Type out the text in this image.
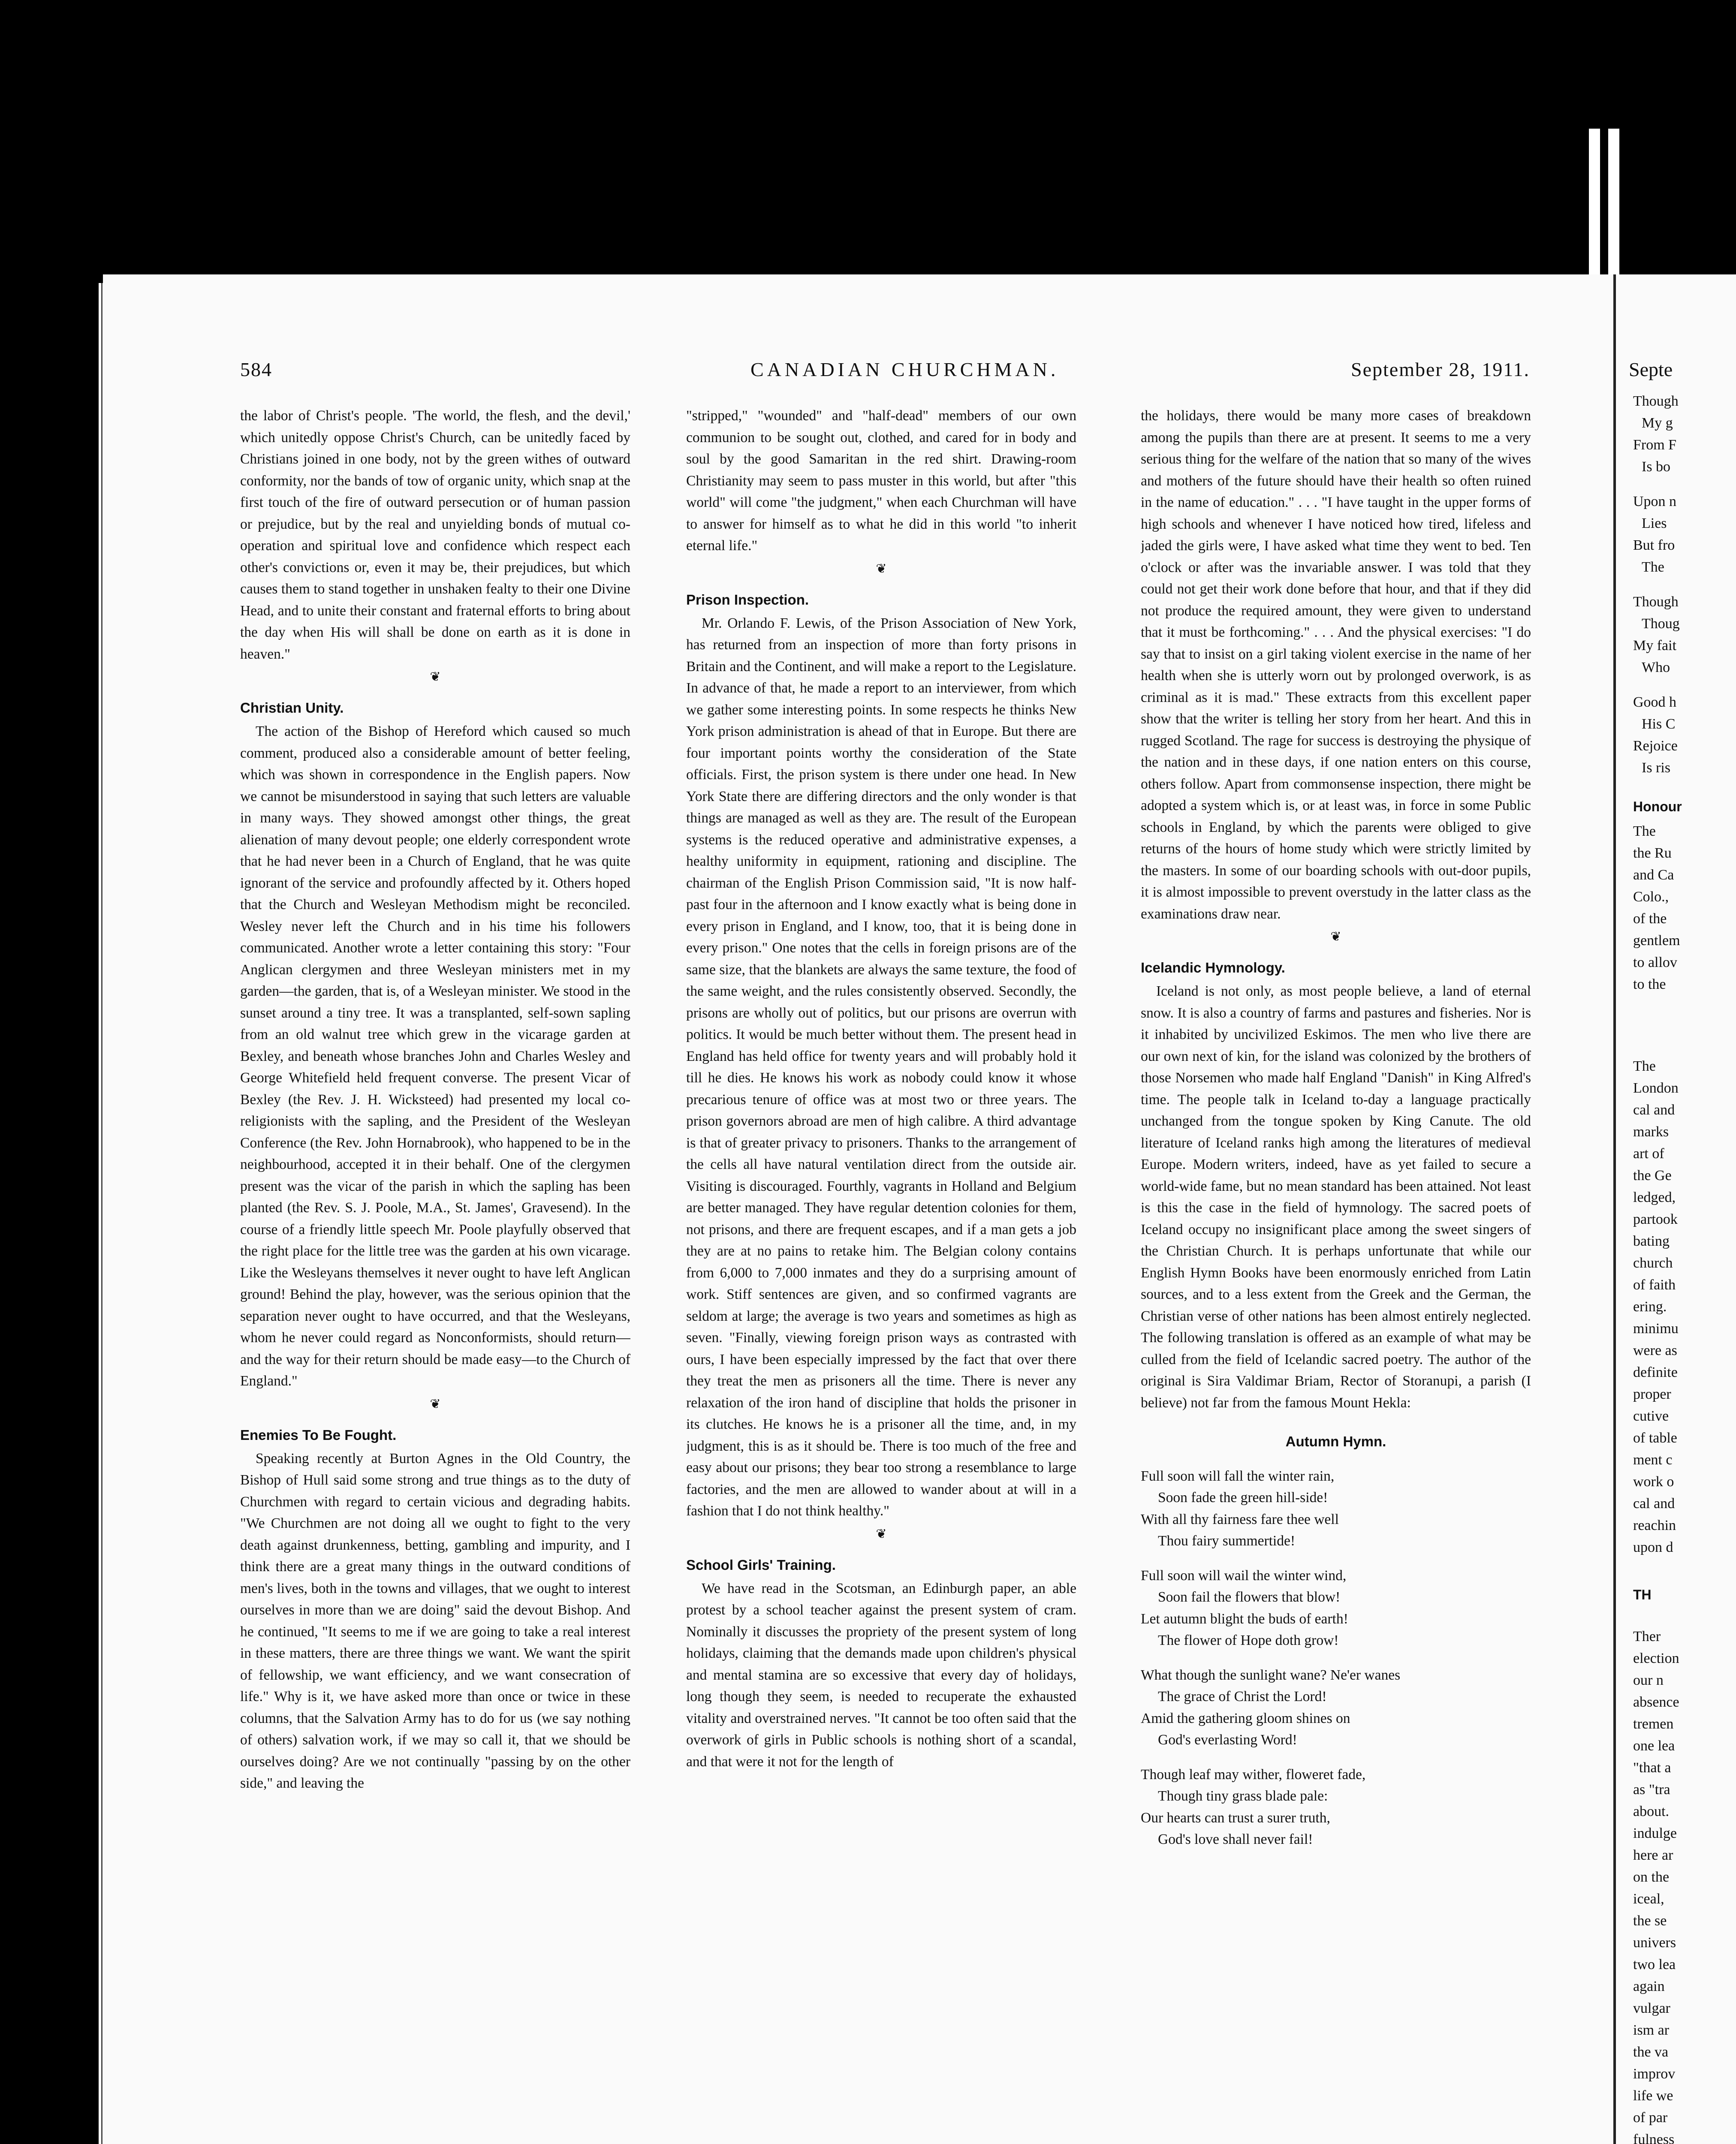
584	CANADIAN CHURCHMAN.	September 28, 1911.

the labor of Christ's people. 'The world, the flesh, and the devil,' which unitedly oppose Christ's Church, can be unitedly faced by Christians joined in one body, not by the green withes of outward conformity, nor the bands of tow of organic unity, which snap at the first touch of the fire of outward persecution or of human passion or prejudice, but by the real and unyielding bonds of mutual co-operation and spiritual love and confidence which respect each other's convictions or, even it may be, their prejudices, but which causes them to stand together in unshaken fealty to their one Divine Head, and to unite their constant and fraternal efforts to bring about the day when His will shall be done on earth as it is done in heaven."

❦
Christian Unity.

The action of the Bishop of Hereford which caused so much comment, produced also a considerable amount of better feeling, which was shown in correspondence in the English papers. Now we cannot be misunderstood in saying that such letters are valuable in many ways. They showed amongst other things, the great alienation of many devout people; one elderly correspondent wrote that he had never been in a Church of England, that he was quite ignorant of the service and profoundly affected by it. Others hoped that the Church and Wesleyan Methodism might be reconciled. Wesley never left the Church and in his time his followers communicated. Another wrote a letter containing this story: "Four Anglican clergymen and three Wesleyan ministers met in my garden—the garden, that is, of a Wesleyan minister. We stood in the sunset around a tiny tree. It was a transplanted, self-sown sapling from an old walnut tree which grew in the vicarage garden at Bexley, and beneath whose branches John and Charles Wesley and George Whitefield held frequent converse. The present Vicar of Bexley (the Rev. J. H. Wicksteed) had presented my local co-religionists with the sapling, and the President of the Wesleyan Conference (the Rev. John Hornabrook), who happened to be in the neighbourhood, accepted it in their behalf. One of the clergymen present was the vicar of the parish in which the sapling has been planted (the Rev. S. J. Poole, M.A., St. James', Gravesend). In the course of a friendly little speech Mr. Poole playfully observed that the right place for the little tree was the garden at his own vicarage. Like the Wesleyans themselves it never ought to have left Anglican ground! Behind the play, however, was the serious opinion that the separation never ought to have occurred, and that the Wesleyans, whom he never could regard as Nonconformists, should return—and the way for their return should be made easy—to the Church of England."

❦
Enemies To Be Fought.

Speaking recently at Burton Agnes in the Old Country, the Bishop of Hull said some strong and true things as to the duty of Churchmen with regard to certain vicious and degrading habits. "We Churchmen are not doing all we ought to fight to the very death against drunkenness, betting, gambling and impurity, and I think there are a great many things in the outward conditions of men's lives, both in the towns and villages, that we ought to interest ourselves in more than we are doing" said the devout Bishop. And he continued, "It seems to me if we are going to take a real interest in these matters, there are three things we want. We want the spirit of fellowship, we want efficiency, and we want consecration of life." Why is it, we have asked more than once or twice in these columns, that the Salvation Army has to do for us (we say nothing of others) salvation work, if we may so call it, that we should be ourselves doing? Are we not continually "passing by on the other side," and leaving the

"stripped," "wounded" and "half-dead" members of our own communion to be sought out, clothed, and cared for in body and soul by the good Samaritan in the red shirt. Drawing-room Christianity may seem to pass muster in this world, but after "this world" will come "the judgment," when each Churchman will have to answer for himself as to what he did in this world "to inherit eternal life."

❦
Prison Inspection.

Mr. Orlando F. Lewis, of the Prison Association of New York, has returned from an inspection of more than forty prisons in Britain and the Continent, and will make a report to the Legislature. In advance of that, he made a report to an interviewer, from which we gather some interesting points. In some respects he thinks New York prison administration is ahead of that in Europe. But there are four important points worthy the consideration of the State officials. First, the prison system is there under one head. In New York State there are differing directors and the only wonder is that things are managed as well as they are. The result of the European systems is the reduced operative and administrative expenses, a healthy uniformity in equipment, rationing and discipline. The chairman of the English Prison Commission said, "It is now half-past four in the afternoon and I know exactly what is being done in every prison in England, and I know, too, that it is being done in every prison." One notes that the cells in foreign prisons are of the same size, that the blankets are always the same texture, the food of the same weight, and the rules consistently observed. Secondly, the prisons are wholly out of politics, but our prisons are overrun with politics. It would be much better without them. The present head in England has held office for twenty years and will probably hold it till he dies. He knows his work as nobody could know it whose precarious tenure of office was at most two or three years. The prison governors abroad are men of high calibre. A third advantage is that of greater privacy to prisoners. Thanks to the arrangement of the cells all have natural ventilation direct from the outside air. Visiting is discouraged. Fourthly, vagrants in Holland and Belgium are better managed. They have regular detention colonies for them, not prisons, and there are frequent escapes, and if a man gets a job they are at no pains to retake him. The Belgian colony contains from 6,000 to 7,000 inmates and they do a surprising amount of work. Stiff sentences are given, and so confirmed vagrants are seldom at large; the average is two years and sometimes as high as seven. "Finally, viewing foreign prison ways as contrasted with ours, I have been especially impressed by the fact that over there they treat the men as prisoners all the time. There is never any relaxation of the iron hand of discipline that holds the prisoner in its clutches. He knows he is a prisoner all the time, and, in my judgment, this is as it should be. There is too much of the free and easy about our prisons; they bear too strong a resemblance to large factories, and the men are allowed to wander about at will in a fashion that I do not think healthy."

❦
School Girls' Training.

We have read in the Scotsman, an Edinburgh paper, an able protest by a school teacher against the present system of cram. Nominally it discusses the propriety of the present system of long holidays, claiming that the demands made upon children's physical and mental stamina are so excessive that every day of holidays, long though they seem, is needed to recuperate the exhausted vitality and overstrained nerves. "It cannot be too often said that the overwork of girls in Public schools is nothing short of a scandal, and that were it not for the length of

the holidays, there would be many more cases of breakdown among the pupils than there are at present. It seems to me a very serious thing for the welfare of the nation that so many of the wives and mothers of the future should have their health so often ruined in the name of education." . . . "I have taught in the upper forms of high schools and whenever I have noticed how tired, lifeless and jaded the girls were, I have asked what time they went to bed. Ten o'clock or after was the invariable answer. I was told that they could not get their work done before that hour, and that if they did not produce the required amount, they were given to understand that it must be forthcoming." . . . And the physical exercises: "I do say that to insist on a girl taking violent exercise in the name of her health when she is utterly worn out by prolonged overwork, is as criminal as it is mad." These extracts from this excellent paper show that the writer is telling her story from her heart. And this in rugged Scotland. The rage for success is destroying the physique of the nation and in these days, if one nation enters on this course, others follow. Apart from commonsense inspection, there might be adopted a system which is, or at least was, in force in some Public schools in England, by which the parents were obliged to give returns of the hours of home study which were strictly limited by the masters. In some of our boarding schools with out-door pupils, it is almost impossible to prevent overstudy in the latter class as the examinations draw near.

❦
Icelandic Hymnology.

Iceland is not only, as most people believe, a land of eternal snow. It is also a country of farms and pastures and fisheries. Nor is it inhabited by uncivilized Eskimos. The men who live there are our own next of kin, for the island was colonized by the brothers of those Norsemen who made half England "Danish" in King Alfred's time. The people talk in Iceland to-day a language practically unchanged from the tongue spoken by King Canute. The old literature of Iceland ranks high among the literatures of medieval Europe. Modern writers, indeed, have as yet failed to secure a world-wide fame, but no mean standard has been attained. Not least is this the case in the field of hymnology. The sacred poets of Iceland occupy no insignificant place among the sweet singers of the Christian Church. It is perhaps unfortunate that while our English Hymn Books have been enormously enriched from Latin sources, and to a less extent from the Greek and the German, the Christian verse of other nations has been almost entirely neglected. The following translation is offered as an example of what may be culled from the field of Icelandic sacred poetry. The author of the original is Sira Valdimar Briam, Rector of Storanupi, a parish (I believe) not far from the famous Mount Hekla:

Autumn Hymn.

Full soon will fall the winter rain,

Soon fade the green hill-side!

With all thy fairness fare thee well

Thou fairy summertide!

Full soon will wail the winter wind,

Soon fail the flowers that blow!

Let autumn blight the buds of earth!

The flower of Hope doth grow!

What though the sunlight wane? Ne'er wanes

The grace of Christ the Lord!

Amid the gathering gloom shines on

God's everlasting Word!

Though leaf may wither, floweret fade,

Though tiny grass blade pale:

Our hearts can trust a surer truth,

God's love shall never fail!

Septe
Though
My g
From F
Is bo
Upon n
Lies
But fro
The
Though
Thoug
My fait
Who
Good h
His C
Rejoice
Is ris
Honour
The
the Ru
and Ca
Colo.,
of the
gentlem
to allov
to the
The
London
cal and
marks
art of
the Ge
ledged,
partook
bating
church
of faith
ering.
minimu
were as
definite
proper
cutive
of table
ment c
work o
cal and
reachin
upon d
TH
Ther
election
our n
absence
tremen
one lea
"that a
as "tra
about.
indulge
here ar
on the
iceal,
the se
univers
two lea
again
vulgar
ism ar
the va
improv
life we
of par
fulness
